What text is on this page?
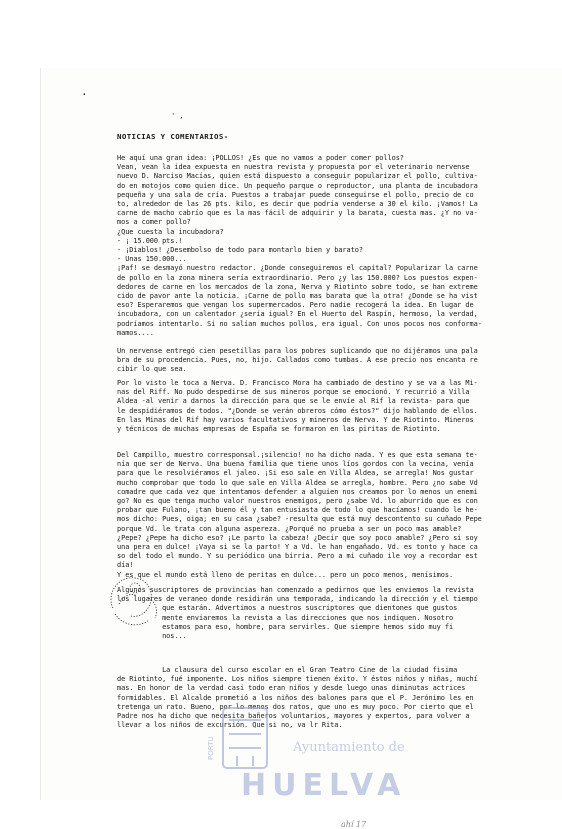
·
' ,
NOTICIAS Y COMENTARIOS-
He aquí una gran idea: ¡POLLOS! ¿Es que no vamos a poder comer pollos?
Vean, vean la idea expuesta en nuestra revista y propuesta por el veterinario nervense
nuevo D. Narciso Macías, quien está dispuesto a conseguir popularizar el pollo, cultiva-
do en motojos como quien dice. Un pequeño parque o reproductor, una planta de incubadora
pequeña y una sala de cría. Puestos a trabajar puede conseguirse el pollo, precio de co
to, alrededor de las 26 pts. kilo, es decir que podría venderse a 30 el kilo. ¡Vamos! La
carne de macho cabrío que es la mas fácil de adquirir y la barata, cuesta mas. ¿Y no va-
mos a comer pollo?
¿Que cuesta la incubadora?
- ¡ 15.000 pts.!
- ¡Diablos! ¿Desembolso de todo para montarlo bien y barato?
- Unas 150.000...
¡Paf! se desmayó nuestro redactor. ¿Donde conseguiremos el capital? Popularizar la carne
de pollo en la zona minera sería extraordinario. Pero ¿y las 150.000? Los puestos expen-
dedores de carne en los mercados de la zona, Nerva y Riotinto sobre todo, se han extreme
cido de pavor ante la noticia. ¡Carne de pollo mas barata que la otra! ¿Donde se ha vist
eso? Esperaremos que vengan los supermercados. Pero nadie recogerá la idea. En lugar de
incubadora, con un calentador ¿sería igual? En el Huerto del Raspín, hermoso, la verdad,
podríamos intentarlo. Si no salían muchos pollos, era igual. Con unos pocos nos conforma-
mamos....
Un nervense entregó cien pesetillas para los pobres suplicando que no dijéramos una pala
bra de su procedencia. Pues, no, hijo. Callados como tumbas. A ese precio nos encanta re
cibir lo que sea.
Por lo visto le toca a Nerva. D. Francisco Mora ha cambiado de destino y se va a las Mi-
nas del Riff. No pudo despedirse de sus mineros porque se emocionó. Y recurrió a Villa
Aldea -al venir a darnos la dirección para que se le envíe al Rif la revista- para que
le despidiéramos de todos. "¿Donde se verán obreros cómo éstos?" dijo hablando de ellos.
En las Minas del Rif hay varios facultativos y mineros de Nerva. Y de Riotinto. Mineros
y técnicos de muchas empresas de España se formaron en las piritas de Riotinto.
Del Campillo, muestro corresponsal.¡silencio! no ha dicho nada. Y es que esta semana te-
nía que ser de Nerva. Una buena familia que tiene unos líos gordos con la vecina, venía
para que le resolviéramos el jaleo. ¡Si eso sale en Villa Aldea, se arregla! Nos gustar
mucho comprobar que todo lo que sale en Villa Aldea se arregla, hombre. Pero ¿no sabe Vd
comadre que cada vez que intentamos defender a alguien nos creamos por lo menos un enemi
go? No es que tenga mucho valor nuestros enemigos, pero ¿sabe Vd. lo aburrido que es con
probar que Fulano, ¡tan bueno él y tan entusiasta de todo lo que hacíamos! cuando le he-
mos dicho: Pues, oiga; en su casa ¿sabe? -resulta que está muy descontento su cuñado Pepe
porque Vd. le trata con alguna aspereza. ¿Porqué no prueba a ser un poco mas amable?
¿Pepe? ¿Pepe ha dicho eso? ¡Le parto la cabeza! ¿Decir que soy poco amable? ¿Pero si soy
una pera en dulce! ¡Vaya si se la parto! Y a Vd. le han engañado. Vd. es tonto y hace ca
so del todo el mundo. Y su periódico una birria. Pero a mi cuñado ile voy a recordar est
día!
Y es que el mundo está lleno de peritas en dulce... pero un poco menos, menísimos.
Algunos suscriptores de provincias han comenzado a pedirnos que les enviemos la revista
los lugares de veraneo donde residirán una temporada, indicando la dirección y el tiempo
que estarán. Advertimos a nuestros suscriptores que dientones que gustos
mente enviaremos la revista a las direcciones que nos indiquen. Nosotro
estamos para eso, hombre, para servirles. Que siempre hemos sido muy fi
nos...
La clausura del curso escolar en el Gran Teatro Cine de la ciudad fisima
de Riotinto, fué imponente. Los niños siempre tienen éxito. Y éstos niños y niñas, muchí
mas. En honor de la verdad casi todo eran niños y desde luego unas diminutas actrices
formidables. El Alcalde prometió a los niños des balones para que el P. Jerónimo les en
tretenga un rato. Bueno, por lo menos dos ratos, que uno es muy poco. Por cierto que el
Padre nos ha dicho que necesita bañeros voluntarios, mayores y expertos, para volver a
llevar a los niños de excursión. Que si no, va lr Rita.
PORTU	Ayuntamiento de
HUELVA
ahí 17
